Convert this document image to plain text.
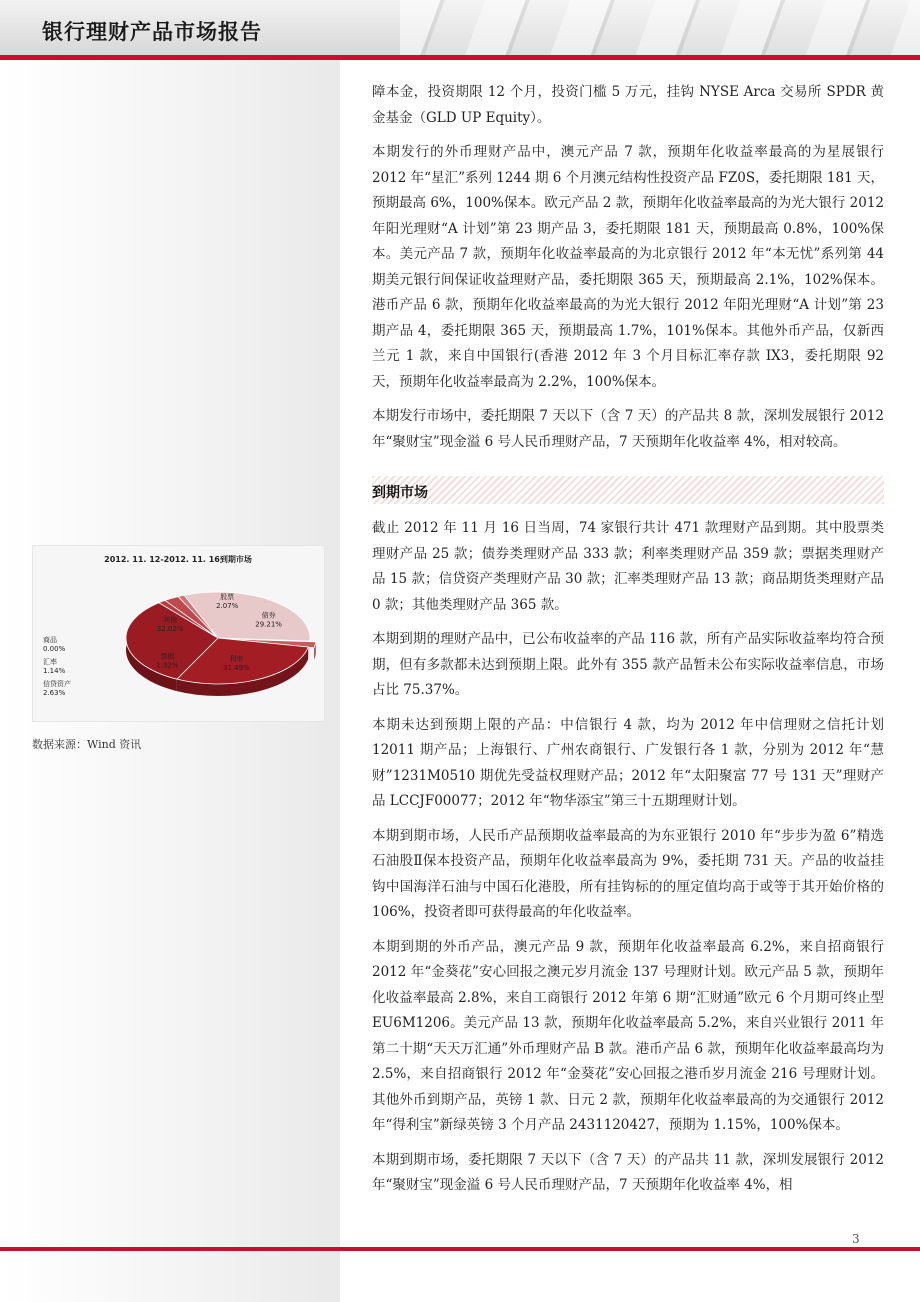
银行理财产品市场报告
2012. 11. 12-2012. 11. 16到期市场
其他
32.02%
股票
2.07%
债券
29.21%
利率
31.49%
票据
1.32%
信贷资产
2.63%
汇率
1.14%
商品
0.00%
数据来源：Wind 资讯

障本金，投资期限 12 个月，投资门槛 5 万元，挂钩 NYSE Arca 交易所 SPDR 黄金基金（GLD UP Equity）。

本期发行的外币理财产品中，澳元产品 7 款，预期年化收益率最高的为星展银行 2012 年“星汇”系列 1244 期 6 个月澳元结构性投资产品 FZ0S，委托期限 181 天，预期最高 6%，100%保本。欧元产品 2 款，预期年化收益率最高的为光大银行 2012 年阳光理财“A 计划”第 23 期产品 3，委托期限 181 天，预期最高 0.8%，100%保本。美元产品 7 款，预期年化收益率最高的为北京银行 2012 年“本无忧”系列第 44 期美元银行间保证收益理财产品，委托期限 365 天，预期最高 2.1%，102%保本。港币产品 6 款，预期年化收益率最高的为光大银行 2012 年阳光理财“A 计划”第 23 期产品 4，委托期限 365 天，预期最高 1.7%，101%保本。其他外币产品，仅新西兰元 1 款，来自中国银行(香港 2012 年 3 个月目标汇率存款 IX3，委托期限 92 天，预期年化收益率最高为 2.2%，100%保本。

本期发行市场中，委托期限 7 天以下（含 7 天）的产品共 8 款，深圳发展银行 2012 年“聚财宝”现金溢 6 号人民币理财产品，7 天预期年化收益率 4%，相对较高。

到期市场

截止 2012 年 11 月 16 日当周，74 家银行共计 471 款理财产品到期。其中股票类理财产品 25 款；债券类理财产品 333 款；利率类理财产品 359 款；票据类理财产品 15 款；信贷资产类理财产品 30 款；汇率类理财产品 13 款；商品期货类理财产品 0 款；其他类理财产品 365 款。

本期到期的理财产品中，已公布收益率的产品 116 款，所有产品实际收益率均符合预期，但有多款都未达到预期上限。此外有 355 款产品暂未公布实际收益率信息，市场占比 75.37%。

本期未达到预期上限的产品：中信银行 4 款，均为 2012 年中信理财之信托计划 12011 期产品；上海银行、广州农商银行、广发银行各 1 款，分别为 2012 年“慧财”1231M0510 期优先受益权理财产品；2012 年“太阳聚富 77 号 131 天”理财产品 LCCJF00077；2012 年“物华添宝”第三十五期理财计划。

本期到期市场，人民币产品预期收益率最高的为东亚银行 2010 年“步步为盈 6”精选石油股Ⅱ保本投资产品，预期年化收益率最高为 9%，委托期 731 天。产品的收益挂钩中国海洋石油与中国石化港股，所有挂钩标的的厘定值均高于或等于其开始价格的 106%，投资者即可获得最高的年化收益率。

本期到期的外币产品，澳元产品 9 款，预期年化收益率最高 6.2%，来自招商银行 2012 年“金葵花”安心回报之澳元岁月流金 137 号理财计划。欧元产品 5 款，预期年化收益率最高 2.8%，来自工商银行 2012 年第 6 期“汇财通”欧元 6 个月期可终止型 EU6M1206。美元产品 13 款，预期年化收益率最高 5.2%，来自兴业银行 2011 年第二十期“天天万汇通”外币理财产品 B 款。港币产品 6 款，预期年化收益率最高均为 2.5%，来自招商银行 2012 年“金葵花”安心回报之港币岁月流金 216 号理财计划。其他外币到期产品，英镑 1 款、日元 2 款，预期年化收益率最高的为交通银行 2012 年“得利宝”新绿英镑 3 个月产品 2431120427，预期为 1.15%，100%保本。

本期到期市场，委托期限 7 天以下（含 7 天）的产品共 11 款，深圳发展银行 2012 年“聚财宝”现金溢 6 号人民币理财产品，7 天预期年化收益率 4%，相

3
